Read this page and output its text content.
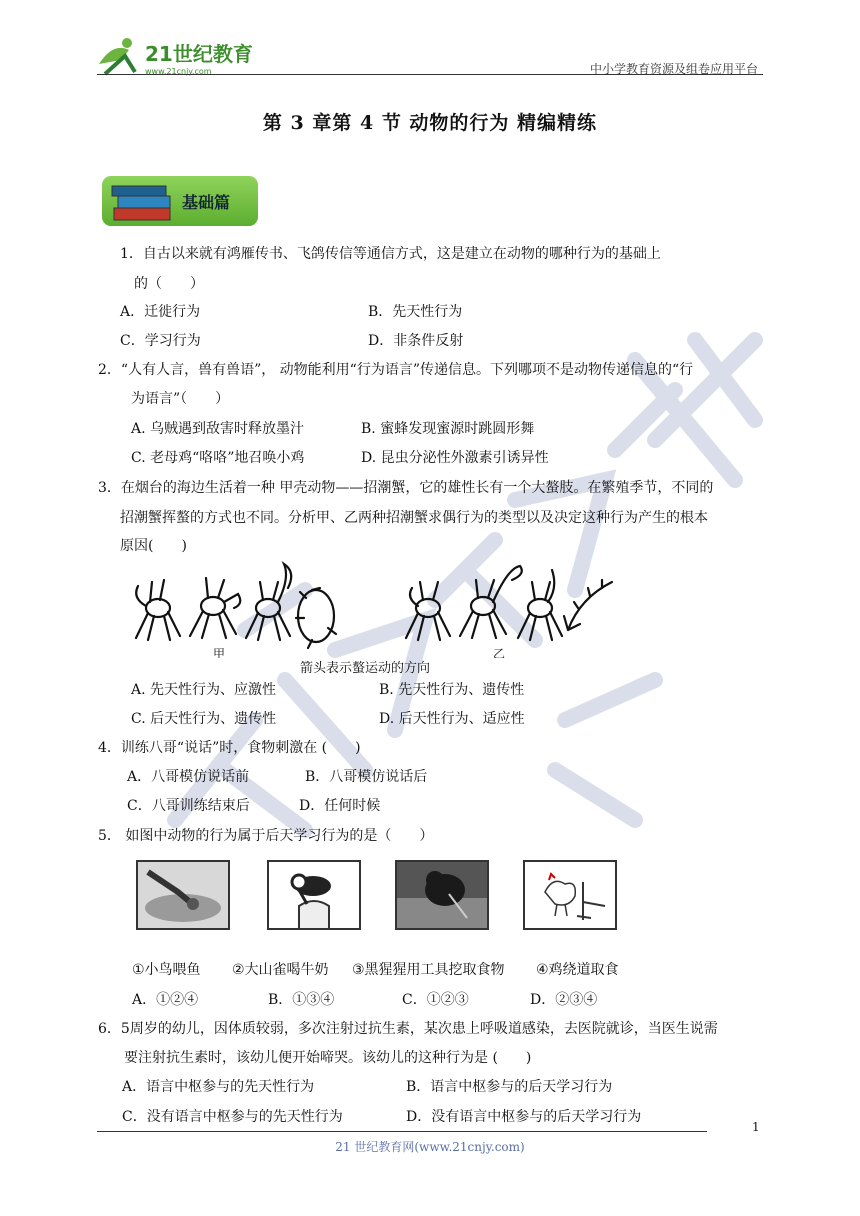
21世纪教育
www.21cnjy.com	中小学教育资源及组卷应用平台
第 3 章第 4 节 动物的行为 精编精练
基础篇
1．自古以来就有鸿雁传书、飞鸽传信等通信方式，这是建立在动物的哪种行为的基础上
的（　　）
A．迁徙行为	B．先天性行为
C．学习行为	D．非条件反射
2．“人有人言，兽有兽语”， 动物能利用“行为语言”传递信息。下列哪项不是动物传递信息的“行
为语言”（　　）
A. 乌贼遇到敌害时释放墨汁	B. 蜜蜂发现蜜源时跳圆形舞
C. 老母鸡“咯咯”地召唤小鸡	D. 昆虫分泌性外激素引诱异性
3．在烟台的海边生活着一种 甲壳动物——招潮蟹，它的雄性长有一个大螯肢。在繁殖季节，不同的
招潮蟹挥螯的方式也不同。分析甲、乙两种招潮蟹求偶行为的类型以及决定这种行为产生的根本
原因(　　)
甲	乙
箭头表示螯运动的方向
A. 先天性行为、应激性	B. 先天性行为、遗传性
C. 后天性行为、遗传性	D. 后天性行为、适应性
4．训练八哥“说话”时，食物刺激在 (　　)
A．八哥模仿说话前	B．八哥模仿说话后
C．八哥训练结束后	D．任何时候
5． 如图中动物的行为属于后天学习行为的是（　　）
①小鸟喂鱼 ②大山雀喝牛奶 ③黑猩猩用工具挖取食物 ④鸡绕道取食
A．①②④	B．①③④	C．①②③	D．②③④
6．5周岁的幼儿，因体质较弱，多次注射过抗生素，某次患上呼吸道感染，去医院就诊，当医生说需
要注射抗生素时，该幼儿便开始啼哭。该幼儿的这种行为是 (　　)
A．语言中枢参与的先天性行为	B．语言中枢参与的后天学习行为
C．没有语言中枢参与的先天性行为	D．没有语言中枢参与的后天学习行为
1
21 世纪教育网(www.21cnjy.com)
